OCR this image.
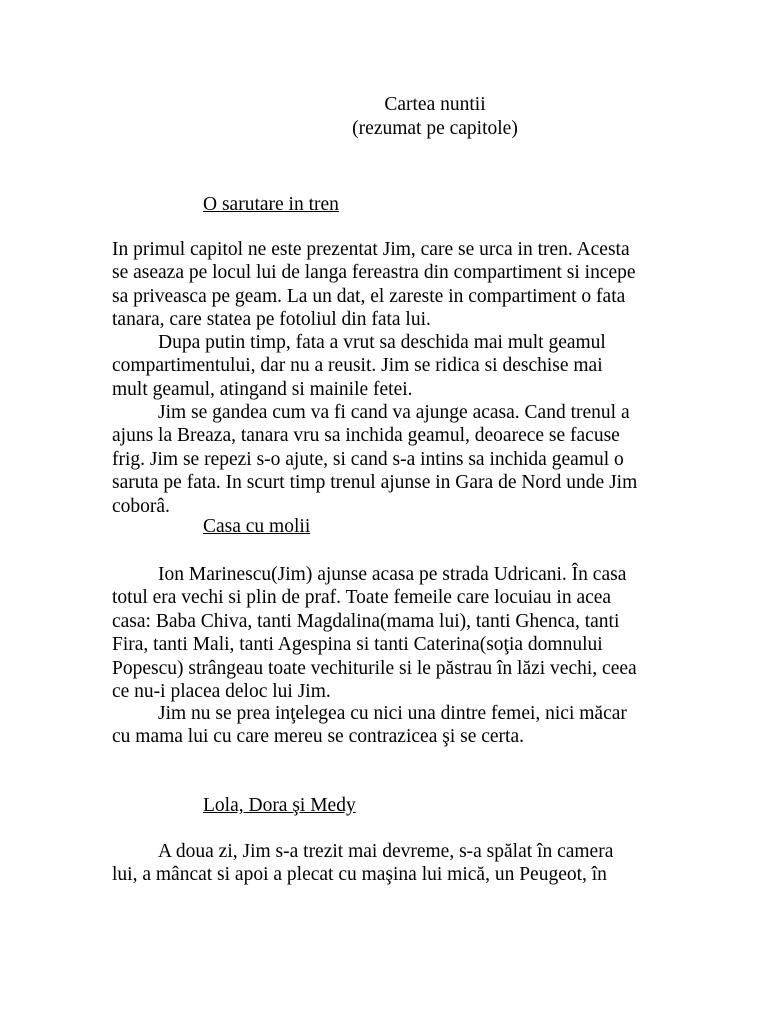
Cartea nuntii
(rezumat pe capitole)
O sarutare in tren

In primul capitol ne este prezentat Jim, care se urca in tren. Acesta
se aseaza pe locul lui de langa fereastra din compartiment si incepe
sa priveasca pe geam. La un dat, el zareste in compartiment o fata
tanara, care statea pe fotoliul din fata lui.

Dupa putin timp, fata a vrut sa deschida mai mult geamul
compartimentului, dar nu a reusit. Jim se ridica si deschise mai
mult geamul, atingand si mainile fetei.

Jim se gandea cum va fi cand va ajunge acasa. Cand trenul a
ajuns la Breaza, tanara vru sa inchida geamul, deoarece se facuse
frig. Jim se repezi s-o ajute, si cand s-a intins sa inchida geamul o
saruta pe fata. In scurt timp trenul ajunse in Gara de Nord unde Jim
coborâ.

Casa cu molii

Ion Marinescu(Jim) ajunse acasa pe strada Udricani. În casa
totul era vechi si plin de praf. Toate femeile care locuiau in acea
casa: Baba Chiva, tanti Magdalina(mama lui), tanti Ghenca, tanti
Fira, tanti Mali, tanti Agespina si tanti Caterina(soţia domnului
Popescu) strângeau toate vechiturile si le păstrau în lăzi vechi, ceea
ce nu-i placea deloc lui Jim.

Jim nu se prea inţelegea cu nici una dintre femei, nici măcar
cu mama lui cu care mereu se contrazicea şi se certa.

Lola, Dora şi Medy

A doua zi, Jim s-a trezit mai devreme, s-a spălat în camera
lui, a mâncat si apoi a plecat cu maşina lui mică, un Peugeot, în
